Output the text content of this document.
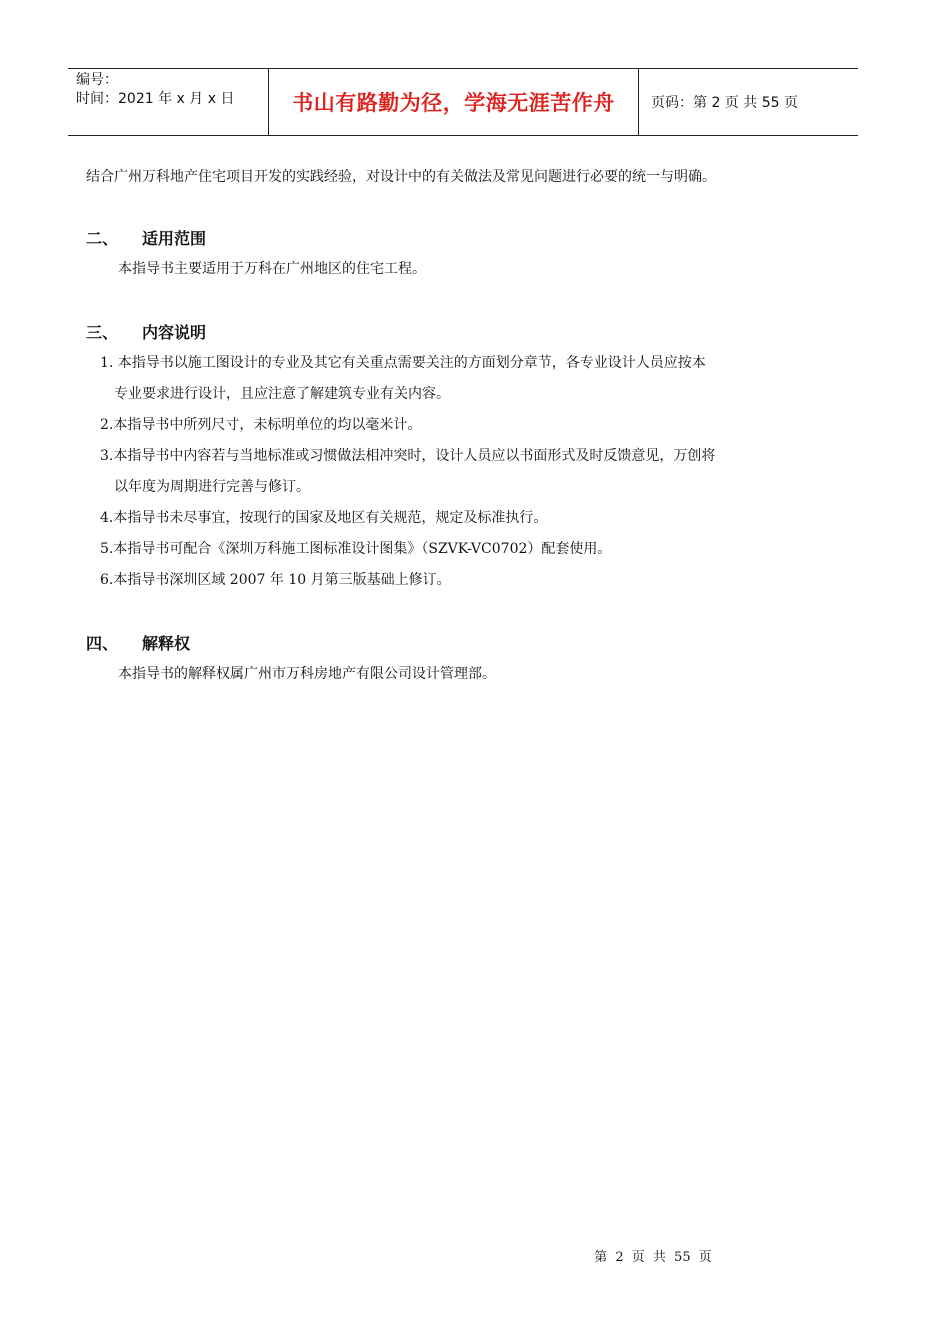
编号：
时间：2021 年 x 月 x 日	书山有路勤为径，学海无涯苦作舟	页码：第 2 页 共 55 页

结合广州万科地产住宅项目开发的实践经验，对设计中的有关做法及常见问题进行必要的统一与明确。

二、	适用范围

本指导书主要适用于万科在广州地区的住宅工程。

三、	内容说明
1. 本指导书以施工图设计的专业及其它有关重点需要关注的方面划分章节，各专业设计人员应按本
专业要求进行设计，且应注意了解建筑专业有关内容。
2.本指导书中所列尺寸，未标明单位的均以毫米计。
3.本指导书中内容若与当地标准或习惯做法相冲突时，设计人员应以书面形式及时反馈意见，万创将
以年度为周期进行完善与修订。
4.本指导书未尽事宜，按现行的国家及地区有关规范，规定及标准执行。
5.本指导书可配合《深圳万科施工图标准设计图集》（SZVK-VC0702）配套使用。
6.本指导书深圳区域 2007 年 10 月第三版基础上修订。
四、	解释权

本指导书的解释权属广州市万科房地产有限公司设计管理部。

第 2 页 共 55 页
